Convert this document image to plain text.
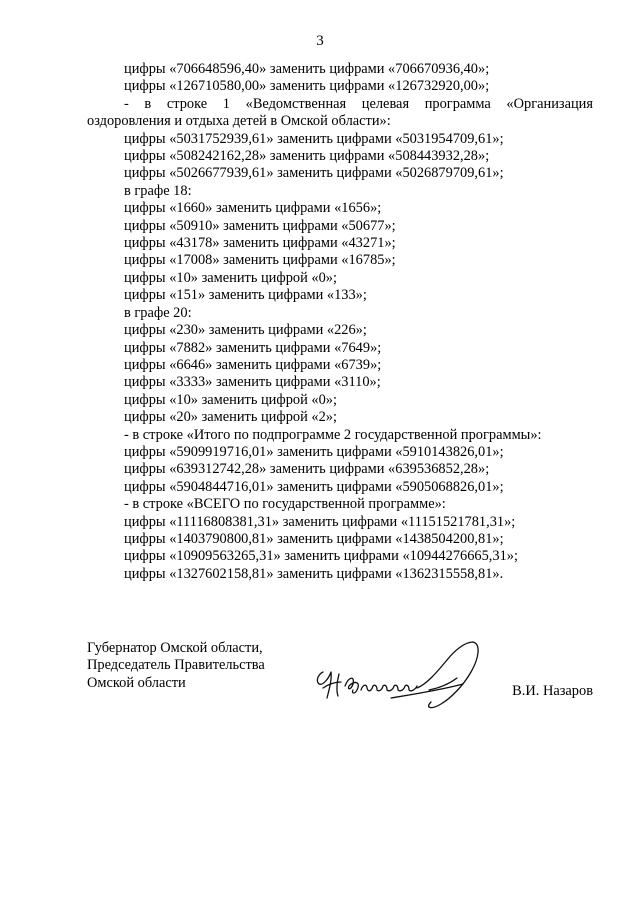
3
цифры «706648596,40» заменить цифрами «706670936,40»;
цифры «126710580,00» заменить цифрами «126732920,00»;
- в строке 1 «Ведомственная целевая программа «Организация
оздоровления и отдыха детей в Омской области»:
цифры «5031752939,61» заменить цифрами «5031954709,61»;
цифры «508242162,28» заменить цифрами «508443932,28»;
цифры «5026677939,61» заменить цифрами «5026879709,61»;
в графе 18:
цифры «1660» заменить цифрами «1656»;
цифры «50910» заменить цифрами «50677»;
цифры «43178» заменить цифрами «43271»;
цифры «17008» заменить цифрами «16785»;
цифры «10» заменить цифрой «0»;
цифры «151» заменить цифрами «133»;
в графе 20:
цифры «230» заменить цифрами «226»;
цифры «7882» заменить цифрами «7649»;
цифры «6646» заменить цифрами «6739»;
цифры «3333» заменить цифрами «3110»;
цифры «10» заменить цифрой «0»;
цифры «20» заменить цифрой «2»;
- в строке «Итого по подпрограмме 2 государственной программы»:
цифры «5909919716,01» заменить цифрами «5910143826,01»;
цифры «639312742,28» заменить цифрами «639536852,28»;
цифры «5904844716,01» заменить цифрами «5905068826,01»;
- в строке «ВСЕГО по государственной программе»:
цифры «11116808381,31» заменить цифрами «11151521781,31»;
цифры «1403790800,81» заменить цифрами «1438504200,81»;
цифры «10909563265,31» заменить цифрами «10944276665,31»;
цифры «1327602158,81» заменить цифрами «1362315558,81».
Губернатор Омской области,
Председатель Правительства
Омской области
В.И. Назаров
